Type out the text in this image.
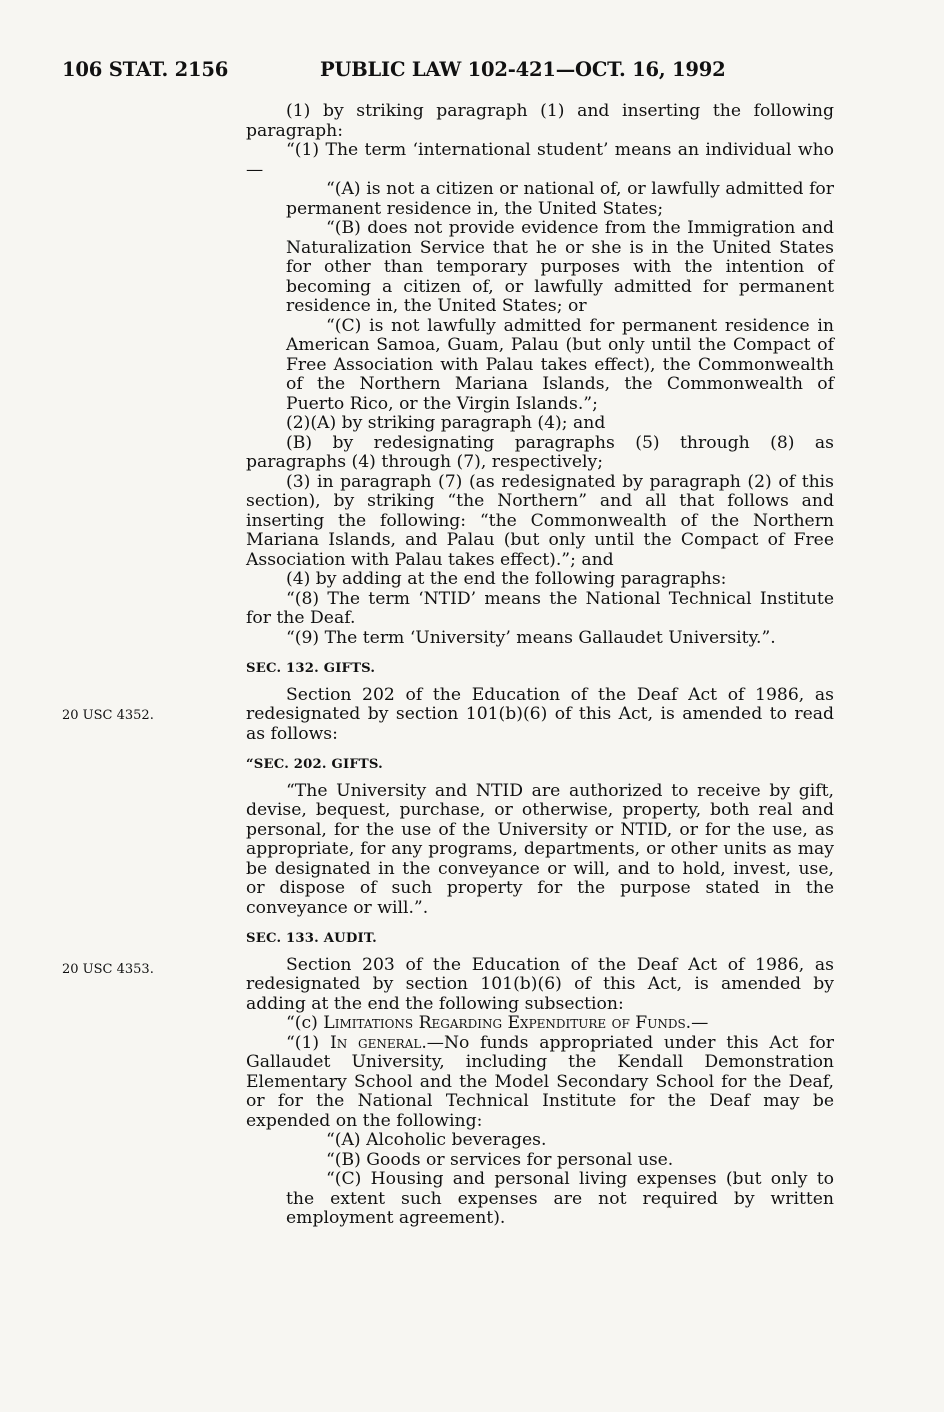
106 STAT. 2156	PUBLIC LAW 102-421—OCT. 16, 1992
20 USC 4352.
20 USC 4353.

(1) by striking paragraph (1) and inserting the following paragraph:

“(1) The term ‘international student’ means an individual who—

“(A) is not a citizen or national of, or lawfully admitted for permanent residence in, the United States;

“(B) does not provide evidence from the Immigration and Naturalization Service that he or she is in the United States for other than temporary purposes with the intention of becoming a citizen of, or lawfully admitted for permanent residence in, the United States; or

“(C) is not lawfully admitted for permanent residence in American Samoa, Guam, Palau (but only until the Compact of Free Association with Palau takes effect), the Commonwealth of the Northern Mariana Islands, the Commonwealth of Puerto Rico, or the Virgin Islands.”;

(2)(A) by striking paragraph (4); and

(B) by redesignating paragraphs (5) through (8) as paragraphs (4) through (7), respectively;

(3) in paragraph (7) (as redesignated by paragraph (2) of this section), by striking “the Northern” and all that follows and inserting the following: “the Commonwealth of the Northern Mariana Islands, and Palau (but only until the Compact of Free Association with Palau takes effect).”; and

(4) by adding at the end the following paragraphs:

“(8) The term ‘NTID’ means the National Technical Institute for the Deaf.

“(9) The term ‘University’ means Gallaudet University.”.

SEC. 132. GIFTS.

Section 202 of the Education of the Deaf Act of 1986, as redesignated by section 101(b)(6) of this Act, is amended to read as follows:

“SEC. 202. GIFTS.

“The University and NTID are authorized to receive by gift, devise, bequest, purchase, or otherwise, property, both real and personal, for the use of the University or NTID, or for the use, as appropriate, for any programs, departments, or other units as may be designated in the conveyance or will, and to hold, invest, use, or dispose of such property for the purpose stated in the conveyance or will.”.

SEC. 133. AUDIT.

Section 203 of the Education of the Deaf Act of 1986, as redesignated by section 101(b)(6) of this Act, is amended by adding at the end the following subsection:

“(c) Limitations Regarding Expenditure of Funds.—

“(1) In general.—No funds appropriated under this Act for Gallaudet University, including the Kendall Demonstration Elementary School and the Model Secondary School for the Deaf, or for the National Technical Institute for the Deaf may be expended on the following:

“(A) Alcoholic beverages.

“(B) Goods or services for personal use.

“(C) Housing and personal living expenses (but only to the extent such expenses are not required by written employment agreement).
